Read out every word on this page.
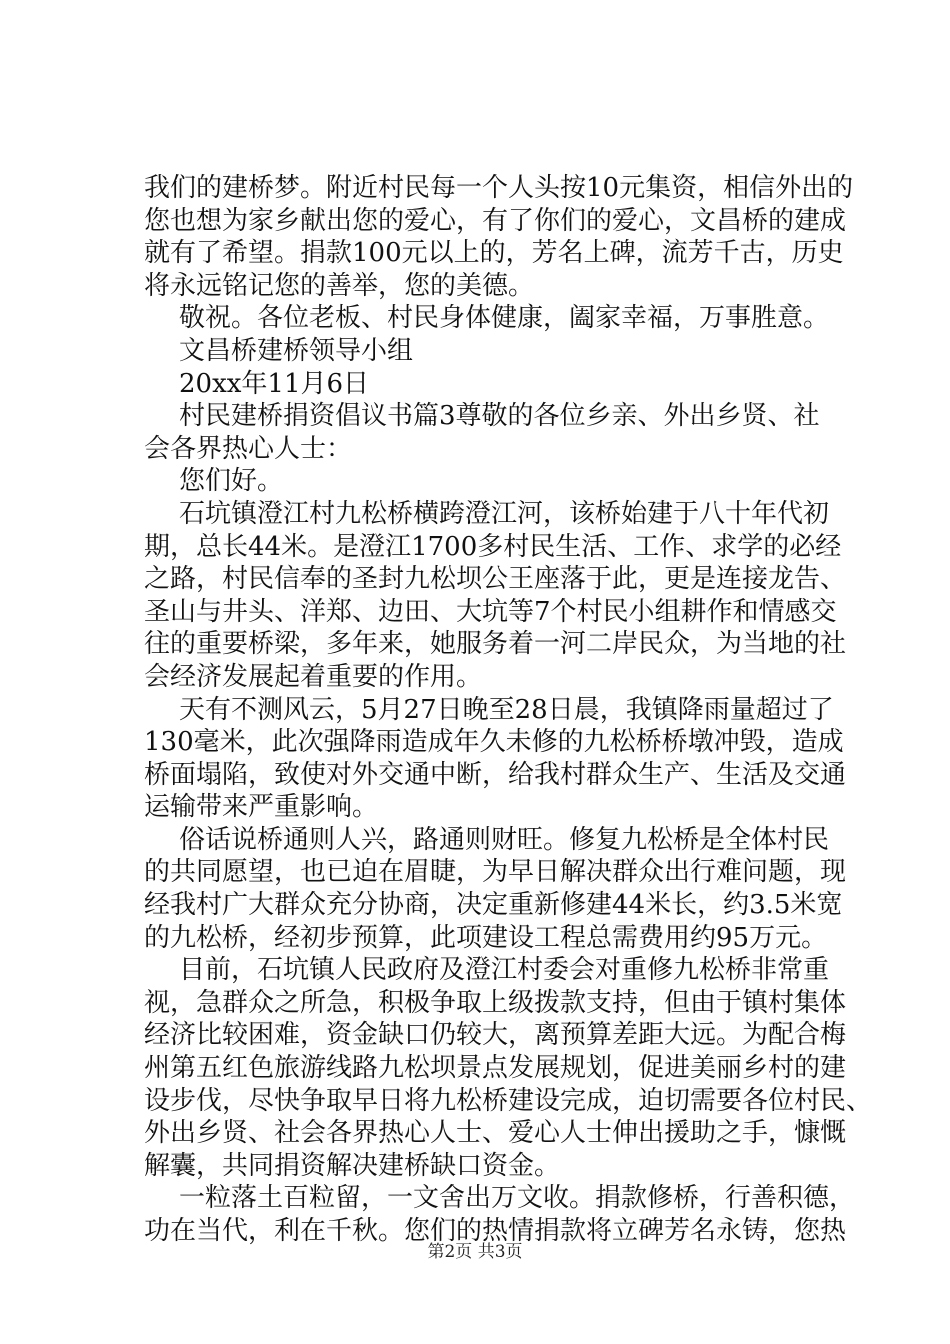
我们的建桥梦。附近村民每一个人头按10元集资，相信外出的
您也想为家乡献出您的爱心，有了你们的爱心，文昌桥的建成
就有了希望。捐款100元以上的，芳名上碑，流芳千古，历史
将永远铭记您的善举，您的美德。
敬祝。各位老板、村民身体健康，阖家幸福，万事胜意。
文昌桥建桥领导小组
20xx年11月6日
村民建桥捐资倡议书篇3尊敬的各位乡亲、外出乡贤、社
会各界热心人士：
您们好。
石坑镇澄江村九松桥横跨澄江河，该桥始建于八十年代初
期，总长44米。是澄江1700多村民生活、工作、求学的必经
之路，村民信奉的圣封九松坝公王座落于此，更是连接龙告、
圣山与井头、洋郑、边田、大坑等7个村民小组耕作和情感交
往的重要桥梁，多年来，她服务着一河二岸民众，为当地的社
会经济发展起着重要的作用。
天有不测风云，5月27日晚至28日晨，我镇降雨量超过了
130毫米，此次强降雨造成年久未修的九松桥桥墩冲毁，造成
桥面塌陷，致使对外交通中断，给我村群众生产、生活及交通
运输带来严重影响。
俗话说桥通则人兴，路通则财旺。修复九松桥是全体村民
的共同愿望，也已迫在眉睫，为早日解决群众出行难问题，现
经我村广大群众充分协商，决定重新修建44米长，约3.5米宽
的九松桥，经初步预算，此项建设工程总需费用约95万元。
目前，石坑镇人民政府及澄江村委会对重修九松桥非常重
视，急群众之所急，积极争取上级拨款支持，但由于镇村集体
经济比较困难，资金缺口仍较大，离预算差距大远。为配合梅
州第五红色旅游线路九松坝景点发展规划，促进美丽乡村的建
设步伐，尽快争取早日将九松桥建设完成，迫切需要各位村民、
外出乡贤、社会各界热心人士、爱心人士伸出援助之手，慷慨
解囊，共同捐资解决建桥缺口资金。
一粒落土百粒留，一文舍出万文收。捐款修桥，行善积德，
功在当代，利在千秋。您们的热情捐款将立碑芳名永铸，您热
第2页 共3页
